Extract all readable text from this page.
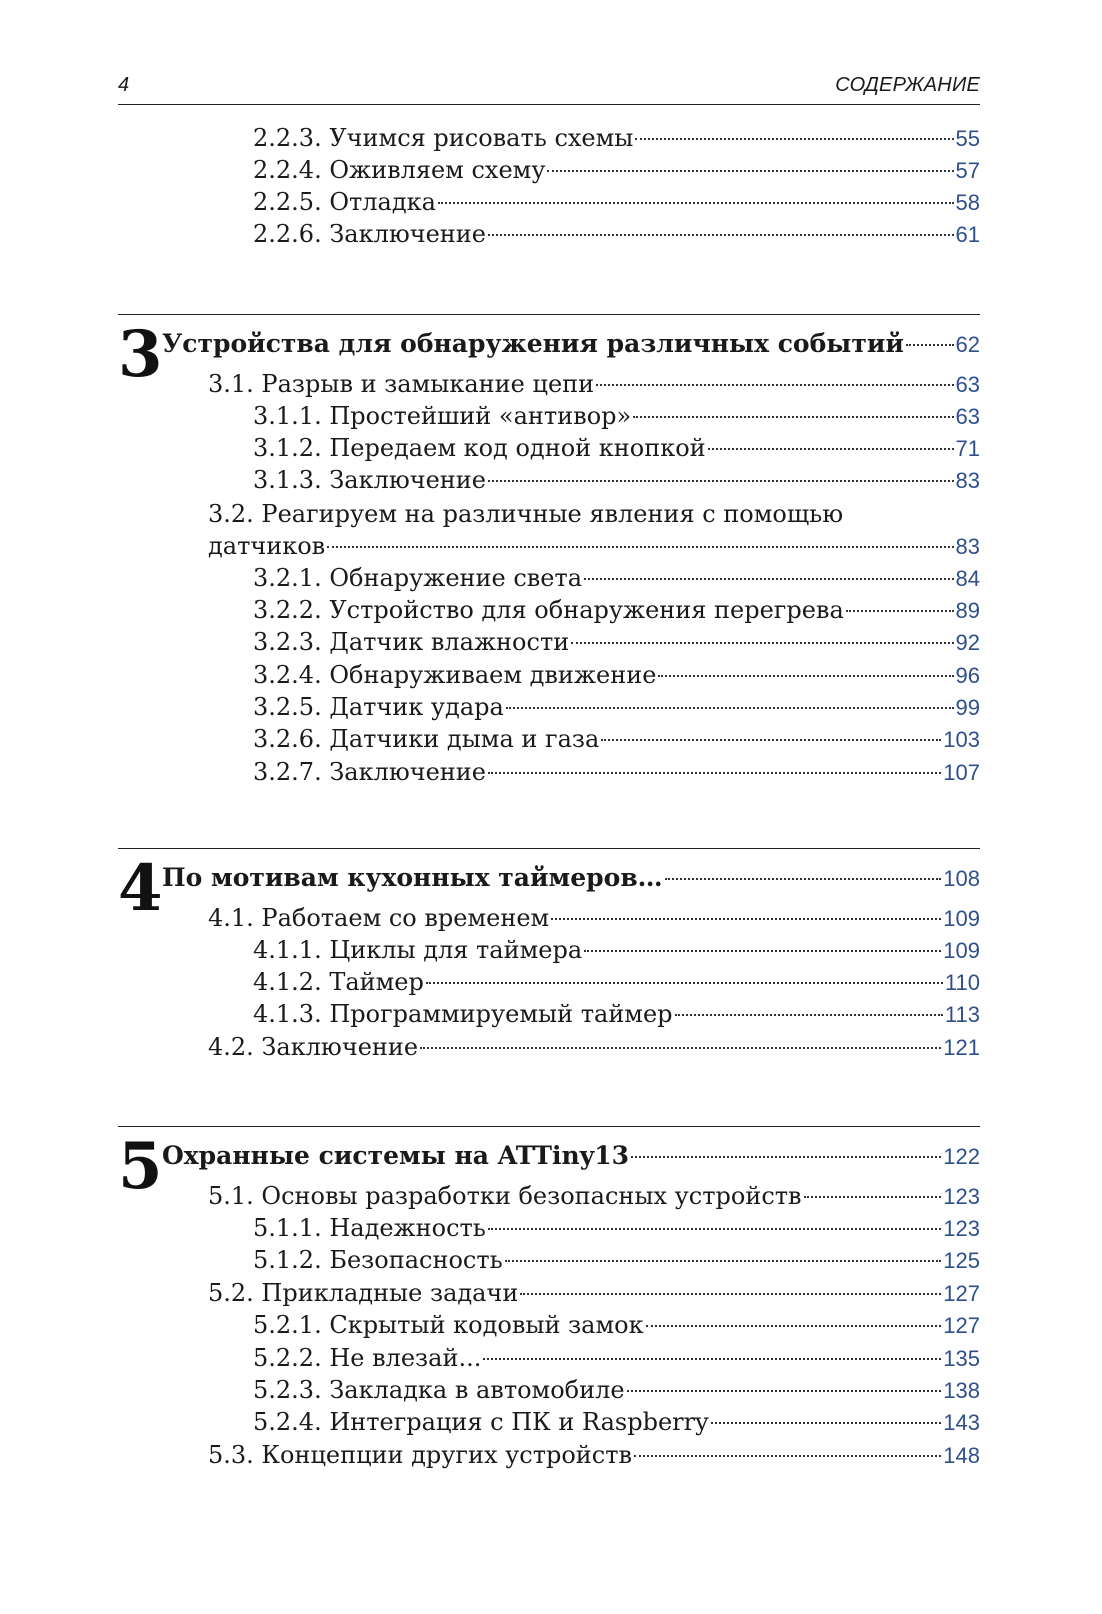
4	СОДЕРЖАНИЕ
2.2.3. Учимся рисовать схемы	55
2.2.4. Оживляем схему	57
2.2.5. Отладка	58
2.2.6. Заключение	61
3 Устройства для обнаружения различных событий 62
3.1. Разрыв и замыкание цепи	63
3.1.1. Простейший «антивор»	63
3.1.2. Передаем код одной кнопкой	71
3.1.3. Заключение	83
3.2. Реагируем на различные явления с помощью
датчиков	83
3.2.1. Обнаружение света	84
3.2.2. Устройство для обнаружения перегрева	89
3.2.3. Датчик влажности	92
3.2.4. Обнаруживаем движение	96
3.2.5. Датчик удара	99
3.2.6. Датчики дыма и газа	103
3.2.7. Заключение	107
4 По мотивам кухонных таймеров…	108
4.1. Работаем со временем	109
4.1.1. Циклы для таймера	109
4.1.2. Таймер	110
4.1.3. Программируемый таймер	113
4.2. Заключение	121
5 Охранные системы на ATTiny13	122
5.1. Основы разработки безопасных устройств	123
5.1.1. Надежность	123
5.1.2. Безопасность	125
5.2. Прикладные задачи	127
5.2.1. Скрытый кодовый замок	127
5.2.2. Не влезай...	135
5.2.3. Закладка в автомобиле	138
5.2.4. Интеграция с ПК и Raspberry	143
5.3. Концепции других устройств	148
